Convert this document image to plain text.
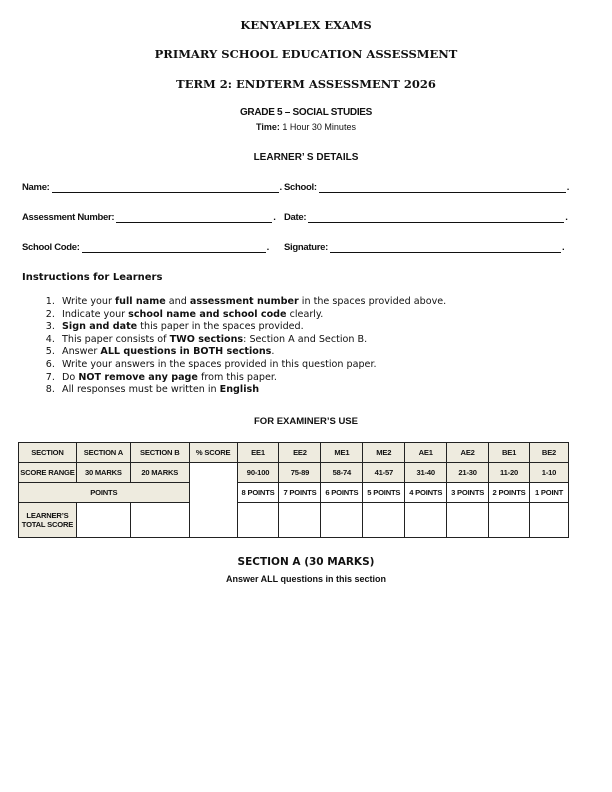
KENYAPLEX EXAMS
PRIMARY SCHOOL EDUCATION ASSESSMENT
TERM 2: ENDTERM ASSESSMENT 2026
GRADE 5 – SOCIAL STUDIES
Time: 1 Hour 30 Minutes
LEARNER’ S DETAILS
Name:	. School:	.
Assessment Number:	. Date:	.
School Code:	. Signature:	.
Instructions for Learners
1. Write your full name and assessment number in the spaces provided above.
2. Indicate your school name and school code clearly.
3. Sign and date this paper in the spaces provided.
4. This paper consists of TWO sections: Section A and Section B.
5. Answer ALL questions in BOTH sections.
6. Write your answers in the spaces provided in this question paper.
7. Do NOT remove any page from this paper.
8. All responses must be written in English
FOR EXAMINER’S USE
SECTION	SECTION A	SECTION B	% SCORE	EE1	EE2	ME1	ME2	AE1	AE2	BE1	BE2
SCORE RANGE	30 MARKS	20 MARKS		90-100	75-89	58-74	41-57	31-40	21-30	11-20	1-10
POINTS				8 POINTS	7 POINTS	6 POINTS	5 POINTS	4 POINTS	3 POINTS	2 POINTS	1 POINT
LEARNER’S
TOTAL SCORE											
SECTION A (30 MARKS)
Answer ALL questions in this section
